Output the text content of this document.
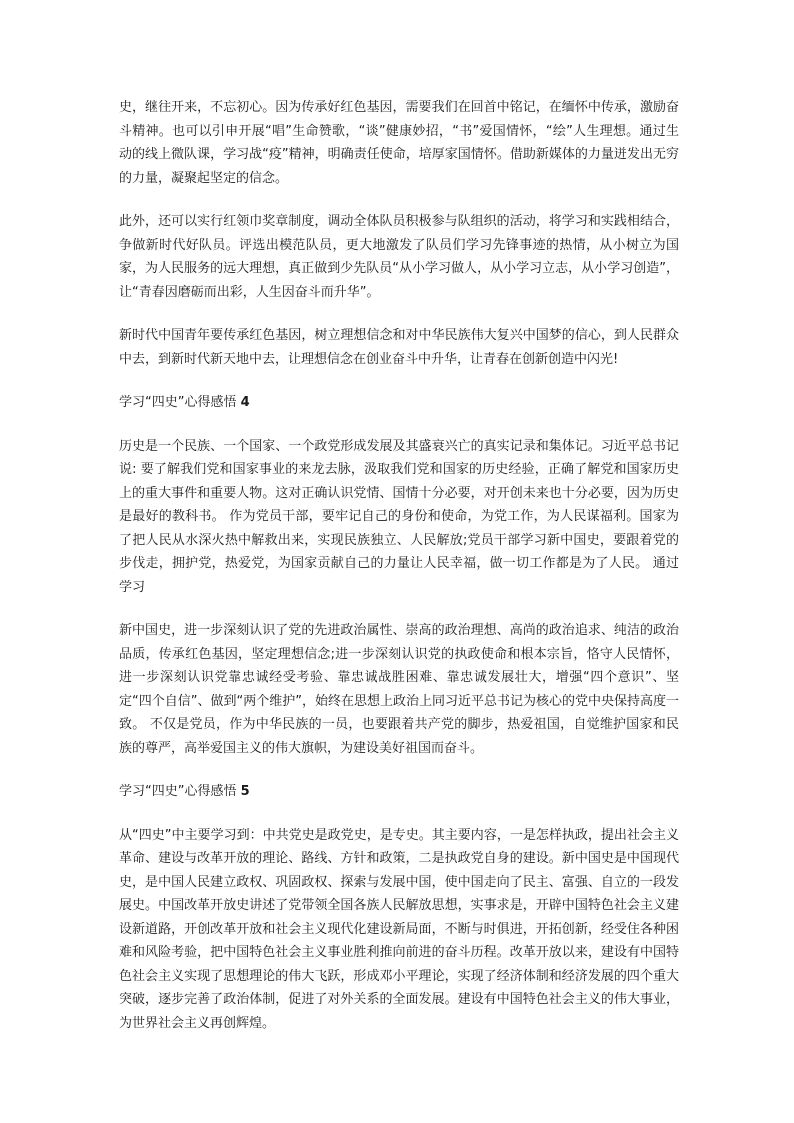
史，继往开来，不忘初心。因为传承好红色基因，需要我们在回首中铭记，在缅怀中传承，激励奋斗精神。也可以引申开展“唱”生命赞歌，“谈”健康妙招，“书”爱国情怀，“绘”人生理想。通过生动的线上微队课，学习战“疫”精神，明确责任使命，培厚家国情怀。借助新媒体的力量迸发出无穷的力量，凝聚起坚定的信念。

此外，还可以实行红领巾奖章制度，调动全体队员积极参与队组织的活动，将学习和实践相结合，争做新时代好队员。评选出模范队员，更大地激发了队员们学习先锋事迹的热情，从小树立为国家，为人民服务的远大理想，真正做到少先队员“从小学习做人，从小学习立志，从小学习创造”，让“青春因磨砺而出彩，人生因奋斗而升华”。

新时代中国青年要传承红色基因，树立理想信念和对中华民族伟大复兴中国梦的信心，到人民群众中去，到新时代新天地中去，让理想信念在创业奋斗中升华，让青春在创新创造中闪光!

学习“四史”心得感悟 4

历史是一个民族、一个国家、一个政党形成发展及其盛衰兴亡的真实记录和集体记。习近平总书记说: 要了解我们党和国家事业的来龙去脉，汲取我们党和国家的历史经验，正确了解党和国家历史上的重大事件和重要人物。这对正确认识党情、国情十分必要，对开创未来也十分必要，因为历史是最好的教科书。 作为党员干部，要牢记自己的身份和使命，为党工作，为人民谋福利。国家为了把人民从水深火热中解救出来，实现民族独立、人民解放;党员干部学习新中国史，要跟着党的步伐走，拥护党，热爱党，为国家贡献自己的力量让人民幸福，做一切工作都是为了人民。 通过学习

新中国史，进一步深刻认识了党的先进政治属性、崇高的政治理想、高尚的政治追求、纯洁的政治品质，传承红色基因，坚定理想信念;进一步深刻认识党的执政使命和根本宗旨，恪守人民情怀，进一步深刻认识党靠忠诚经受考验、靠忠诚战胜困难、靠忠诚发展壮大，增强“四个意识”、坚定“四个自信”、做到“两个维护”，始终在思想上政治上同习近平总书记为核心的党中央保持高度一致。 不仅是党员，作为中华民族的一员，也要跟着共产党的脚步，热爱祖国，自觉维护国家和民族的尊严，高举爱国主义的伟大旗帜，为建设美好祖国而奋斗。

学习“四史”心得感悟 5

从“四史”中主要学习到：中共党史是政党史，是专史。其主要内容，一是怎样执政，提出社会主义革命、建设与改革开放的理论、路线、方针和政策，二是执政党自身的建设。新中国史是中国现代史，是中国人民建立政权、巩固政权、探索与发展中国，使中国走向了民主、富强、自立的一段发展史。中国改革开放史讲述了党带领全国各族人民解放思想，实事求是，开辟中国特色社会主义建设新道路，开创改革开放和社会主义现代化建设新局面，不断与时俱进，开拓创新，经受住各种困难和风险考验，把中国特色社会主义事业胜利推向前进的奋斗历程。改革开放以来，建设有中国特色社会主义实现了思想理论的伟大飞跃，形成邓小平理论，实现了经济体制和经济发展的四个重大突破，逐步完善了政治体制，促进了对外关系的全面发展。建设有中国特色社会主义的伟大事业，为世界社会主义再创辉煌。
